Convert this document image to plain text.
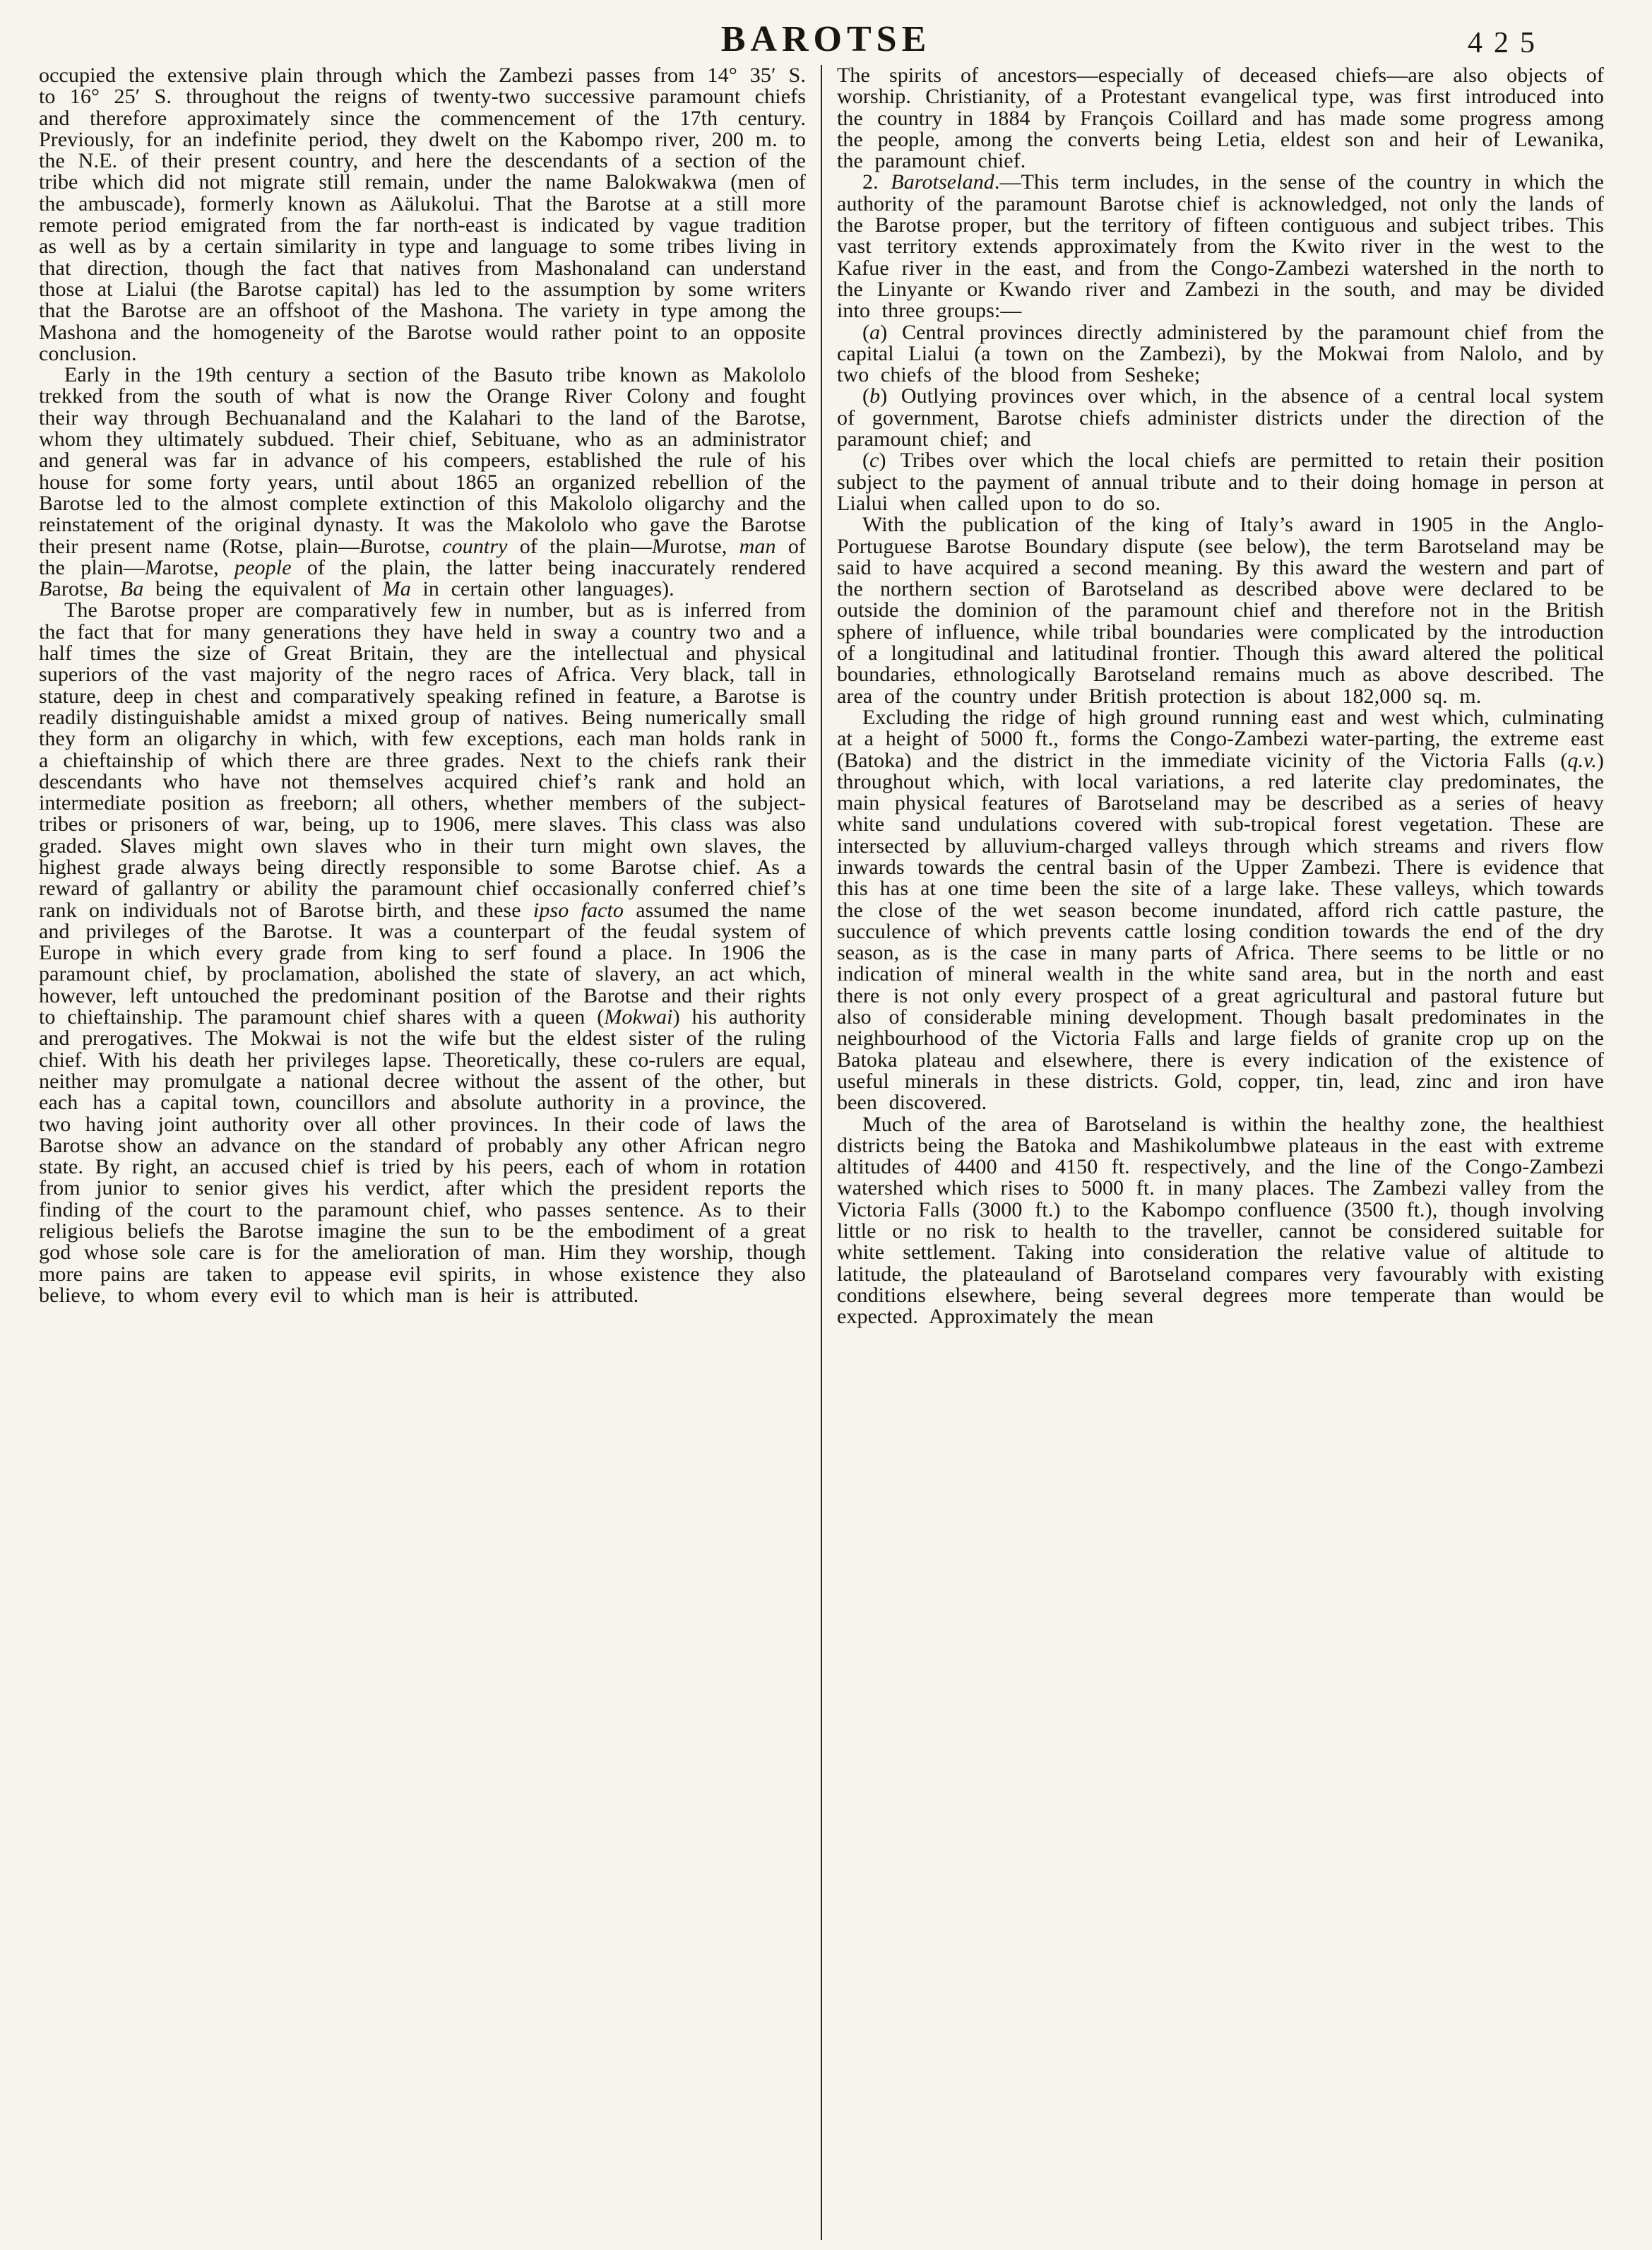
BAROTSE	425

occupied the extensive plain through which the Zambezi passes from 14° 35′ S. to 16° 25′ S. throughout the reigns of twenty-two successive paramount chiefs and therefore approximately since the commencement of the 17th century. Previously, for an indefinite period, they dwelt on the Kabompo river, 200 m. to the N.E. of their present country, and here the descendants of a section of the tribe which did not migrate still remain, under the name Balokwakwa (men of the ambuscade), formerly known as Aälukolui. That the Barotse at a still more remote period emigrated from the far north-east is indicated by vague tradition as well as by a certain similarity in type and language to some tribes living in that direction, though the fact that natives from Mashonaland can understand those at Lialui (the Barotse capital) has led to the assumption by some writers that the Barotse are an offshoot of the Mashona. The variety in type among the Mashona and the homogeneity of the Barotse would rather point to an opposite conclusion.

Early in the 19th century a section of the Basuto tribe known as Makololo trekked from the south of what is now the Orange River Colony and fought their way through Bechuanaland and the Kalahari to the land of the Barotse, whom they ultimately subdued. Their chief, Sebituane, who as an administrator and general was far in advance of his compeers, established the rule of his house for some forty years, until about 1865 an organized rebellion of the Barotse led to the almost complete extinction of this Makololo oligarchy and the reinstatement of the original dynasty. It was the Makololo who gave the Barotse their present name (Rotse, plain—Burotse, country of the plain—Murotse, man of the plain—Marotse, people of the plain, the latter being inaccurately rendered Barotse, Ba being the equivalent of Ma in certain other languages).

The Barotse proper are comparatively few in number, but as is inferred from the fact that for many generations they have held in sway a country two and a half times the size of Great Britain, they are the intellectual and physical superiors of the vast majority of the negro races of Africa. Very black, tall in stature, deep in chest and comparatively speaking refined in feature, a Barotse is readily distinguishable amidst a mixed group of natives. Being numerically small they form an oligarchy in which, with few exceptions, each man holds rank in a chieftainship of which there are three grades. Next to the chiefs rank their descendants who have not themselves acquired chief’s rank and hold an intermediate position as freeborn; all others, whether members of the subject-tribes or prisoners of war, being, up to 1906, mere slaves. This class was also graded. Slaves might own slaves who in their turn might own slaves, the highest grade always being directly responsible to some Barotse chief. As a reward of gallantry or ability the paramount chief occasionally conferred chief’s rank on individuals not of Barotse birth, and these ipso facto assumed the name and privileges of the Barotse. It was a counterpart of the feudal system of Europe in which every grade from king to serf found a place. In 1906 the paramount chief, by proclamation, abolished the state of slavery, an act which, however, left untouched the predominant position of the Barotse and their rights to chieftainship. The paramount chief shares with a queen (Mokwai) his authority and prerogatives. The Mokwai is not the wife but the eldest sister of the ruling chief. With his death her privileges lapse. Theoretically, these co-rulers are equal, neither may promulgate a national decree without the assent of the other, but each has a capital town, councillors and absolute authority in a province, the two having joint authority over all other provinces. In their code of laws the Barotse show an advance on the standard of probably any other African negro state. By right, an accused chief is tried by his peers, each of whom in rotation from junior to senior gives his verdict, after which the president reports the finding of the court to the paramount chief, who passes sentence. As to their religious beliefs the Barotse imagine the sun to be the embodiment of a great god whose sole care is for the amelioration of man. Him they worship, though more pains are taken to appease evil spirits, in whose existence they also believe, to whom every evil to which man is heir is attributed.

The spirits of ancestors—especially of deceased chiefs—are also objects of worship. Christianity, of a Protestant evangelical type, was first introduced into the country in 1884 by François Coillard and has made some progress among the people, among the converts being Letia, eldest son and heir of Lewanika, the paramount chief.

2. Barotseland.—This term includes, in the sense of the country in which the authority of the paramount Barotse chief is acknowledged, not only the lands of the Barotse proper, but the territory of fifteen contiguous and subject tribes. This vast territory extends approximately from the Kwito river in the west to the Kafue river in the east, and from the Congo-Zambezi watershed in the north to the Linyante or Kwando river and Zambezi in the south, and may be divided into three groups:—

(a) Central provinces directly administered by the paramount chief from the capital Lialui (a town on the Zambezi), by the Mokwai from Nalolo, and by two chiefs of the blood from Sesheke;

(b) Outlying provinces over which, in the absence of a central local system of government, Barotse chiefs administer districts under the direction of the paramount chief; and

(c) Tribes over which the local chiefs are permitted to retain their position subject to the payment of annual tribute and to their doing homage in person at Lialui when called upon to do so.

With the publication of the king of Italy’s award in 1905 in the Anglo-Portuguese Barotse Boundary dispute (see below), the term Barotseland may be said to have acquired a second meaning. By this award the western and part of the northern section of Barotseland as described above were declared to be outside the dominion of the paramount chief and therefore not in the British sphere of influence, while tribal boundaries were complicated by the introduction of a longitudinal and latitudinal frontier. Though this award altered the political boundaries, ethnologically Barotseland remains much as above described. The area of the country under British protection is about 182,000 sq. m.

Excluding the ridge of high ground running east and west which, culminating at a height of 5000 ft., forms the Congo-Zambezi water-parting, the extreme east (Batoka) and the district in the immediate vicinity of the Victoria Falls (q.v.) throughout which, with local variations, a red laterite clay predominates, the main physical features of Barotseland may be described as a series of heavy white sand undulations covered with sub-tropical forest vegetation. These are intersected by alluvium-charged valleys through which streams and rivers flow inwards towards the central basin of the Upper Zambezi. There is evidence that this has at one time been the site of a large lake. These valleys, which towards the close of the wet season become inundated, afford rich cattle pasture, the succulence of which prevents cattle losing condition towards the end of the dry season, as is the case in many parts of Africa. There seems to be little or no indication of mineral wealth in the white sand area, but in the north and east there is not only every prospect of a great agricultural and pastoral future but also of considerable mining development. Though basalt predominates in the neighbourhood of the Victoria Falls and large fields of granite crop up on the Batoka plateau and elsewhere, there is every indication of the existence of useful minerals in these districts. Gold, copper, tin, lead, zinc and iron have been discovered.

Much of the area of Barotseland is within the healthy zone, the healthiest districts being the Batoka and Mashikolumbwe plateaus in the east with extreme altitudes of 4400 and 4150 ft. respectively, and the line of the Congo-Zambezi watershed which rises to 5000 ft. in many places. The Zambezi valley from the Victoria Falls (3000 ft.) to the Kabompo confluence (3500 ft.), though involving little or no risk to health to the traveller, cannot be considered suitable for white settlement. Taking into consideration the relative value of altitude to latitude, the plateauland of Barotseland compares very favourably with existing conditions elsewhere, being several degrees more temperate than would be expected. Approximately the mean
